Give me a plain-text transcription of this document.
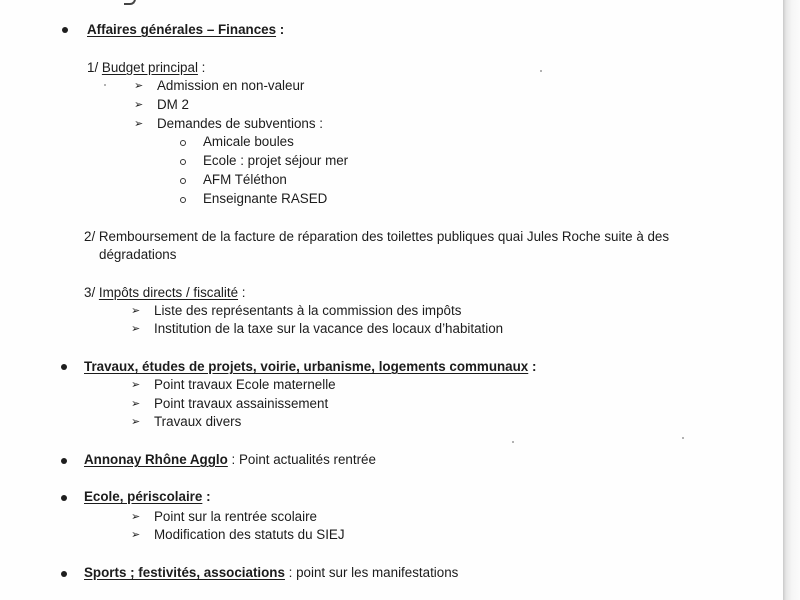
Affaires générales – Finances :
1/ Budget principal :
➢ Admission en non-valeur
➢ DM 2
➢ Demandes de subventions :
Amicale boules
Ecole : projet séjour mer
AFM Téléthon
Enseignante RASED
2/ Remboursement de la facture de réparation des toilettes publiques quai Jules Roche suite à des
dégradations
3/ Impôts directs / fiscalité :
➢ Liste des représentants à la commission des impôts
➢ Institution de la taxe sur la vacance des locaux d’habitation
Travaux, études de projets, voirie, urbanisme, logements communaux :
➢ Point travaux Ecole maternelle
➢ Point travaux assainissement
➢ Travaux divers
Annonay Rhône Agglo : Point actualités rentrée
Ecole, périscolaire :
➢ Point sur la rentrée scolaire
➢ Modification des statuts du SIEJ
Sports ; festivités, associations : point sur les manifestations
